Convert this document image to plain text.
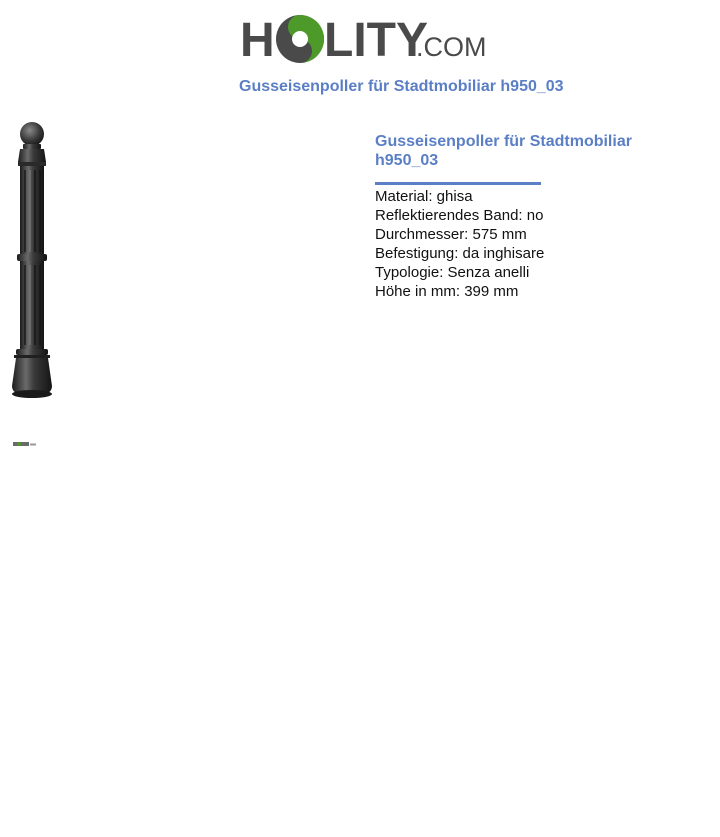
H LITY
.COM
Gusseisenpoller für Stadtmobiliar h950_03
Gusseisenpoller für Stadtmobiliar h950_03
Material: ghisa
Reflektierendes Band: no
Durchmesser: 575 mm
Befestigung: da inghisare
Typologie: Senza anelli
Höhe in mm: 399 mm
